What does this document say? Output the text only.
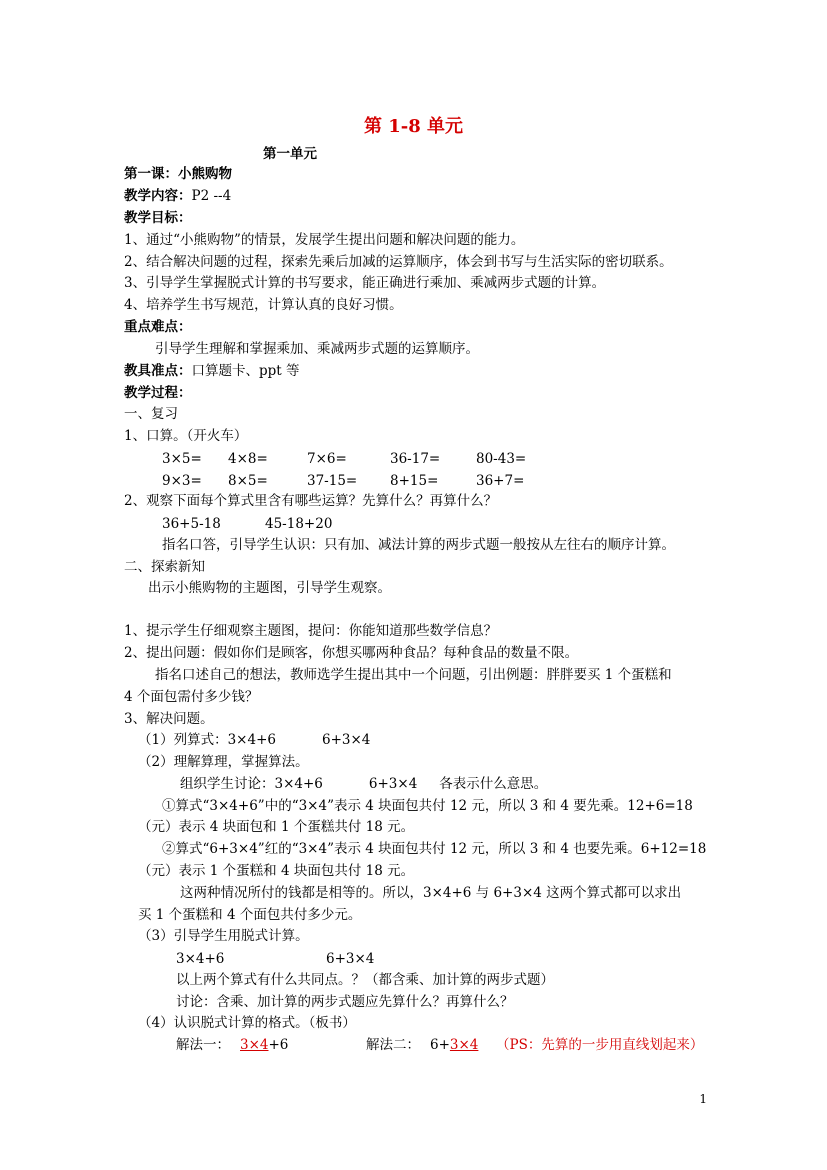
第 1-8 单元
第一单元
第一课：小熊购物
教学内容：P2 --4
教学目标：
1、通过“小熊购物”的情景，发展学生提出问题和解决问题的能力。
2、结合解决问题的过程，探索先乘后加减的运算顺序，体会到书写与生活实际的密切联系。
3、引导学生掌握脱式计算的书写要求，能正确进行乘加、乘减两步式题的计算。
4、培养学生书写规范，计算认真的良好习惯。
重点难点：
引导学生理解和掌握乘加、乘减两步式题的运算顺序。
教具准点：口算题卡、ppt 等
教学过程：
一、复习
1、口算。（开火车）
3×5= 4×8=	7×6=	36-17=	80-43=
9×3= 8×5=	37-15= 8+15=	36+7=
2、观察下面每个算式里含有哪些运算？先算什么？再算什么？
36+5-18	45-18+20
指名口答，引导学生认识：只有加、减法计算的两步式题一般按从左往右的顺序计算。
二、探索新知
出示小熊购物的主题图，引导学生观察。
1、提示学生仔细观察主题图，提问：你能知道那些数学信息？
2、提出问题：假如你们是顾客，你想买哪两种食品？每种食品的数量不限。
指名口述自己的想法，教师选学生提出其中一个问题，引出例题：胖胖要买 1 个蛋糕和
4 个面包需付多少钱？
3、解决问题。
（1）列算式：3×4+6	6+3×4
（2）理解算理，掌握算法。
组织学生讨论：3×4+6	6+3×4 各表示什么意思。
①算式“3×4+6”中的“3×4”表示 4 块面包共付 12 元，所以 3 和 4 要先乘。12+6=18
（元）表示 4 块面包和 1 个蛋糕共付 18 元。
②算式“6+3×4”红的“3×4”表示 4 块面包共付 12 元，所以 3 和 4 也要先乘。6+12=18
（元）表示 1 个蛋糕和 4 块面包共付 18 元。
这两种情况所付的钱都是相等的。所以，3×4+6 与 6+3×4 这两个算式都可以求出
买 1 个蛋糕和 4 个面包共付多少元。
（3）引导学生用脱式计算。
3×4+6	6+3×4
以上两个算式有什么共同点。？（都含乘、加计算的两步式题）
讨论：含乘、加计算的两步式题应先算什么？再算什么？
（4）认识脱式计算的格式。（板书）
解法一： 3×4+6	解法二： 6+3×4 （PS：先算的一步用直线划起来）
1
